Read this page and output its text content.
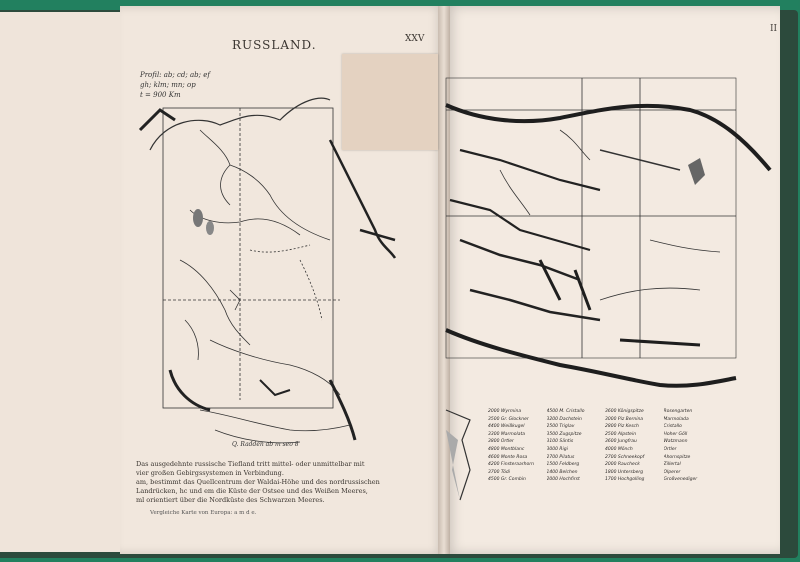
RUSSLAND.	XXV
II
Profil: ab; cd; ab; ef
gh; klm; mn; op
t = 900 Km
Q. Radden ab m seo 8

Das ausgedehnte russische Tiefland tritt mittel- oder unmittelbar mit

vier großen Gebirgssystemen in Verbindung.

am, bestimmt das Quellcentrum der Waldai-Höhe und des nordrussischen

Landrücken, hc und em die Küste der Ostsee und des Weißen Meeres,

ml orientiert über die Nordküste des Schwarzen Meeres.

Vergleiche Karte von Europa: a m d e.
2000 Wyrmina
3500 Gr. Glockner
4400 Weißkugel
3300 Marmolata
3800 Ortler
4800 Montblanc
4600 Monte Rosa
4200 Finsteraarhorn
3700 Tödi
4500 Gr. Combin
4500 M. Cristallo
3200 Dachstein
2500 Triglav
3500 Zugspitze
3100 Säntis
3000 Rigi
2700 Pilatus
1500 Feldberg
1400 Belchen
2000 Hochfirst
3600 Königspitze
3000 Piz Bernina
2800 Piz Kesch
2500 Alpstein
3600 Jungfrau
4000 Mönch
2700 Schneekopf
2000 Raucheck
1800 Untersberg
1700 Hochgolling
Rosengarten
Marmolada
Cristallo
Hoher Göll
Watzmann
Ortler
Ahornspitze
Zillertal
Olperer
Großvenediger
